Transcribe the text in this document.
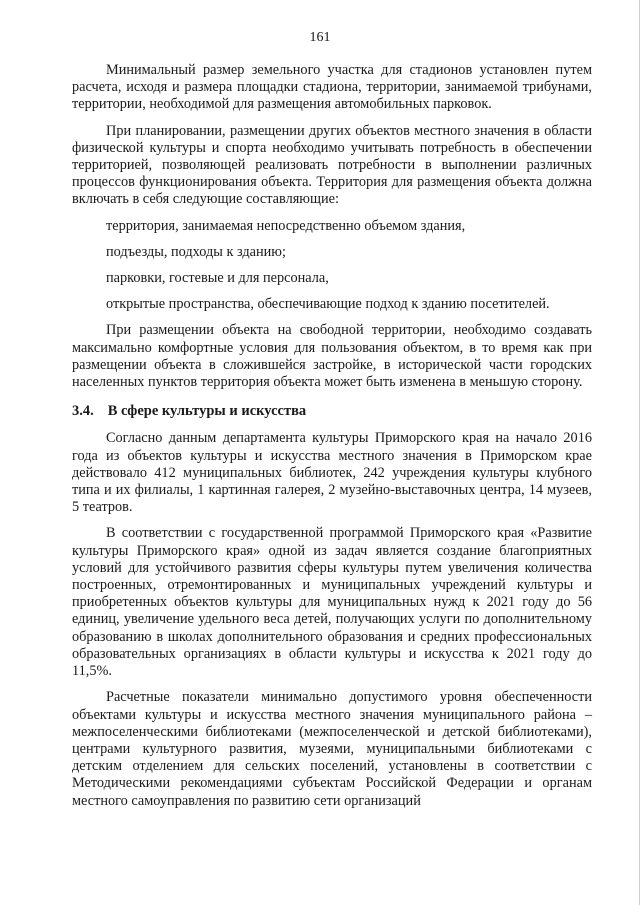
161

Минимальный размер земельного участка для стадионов установлен путем расчета, исходя и размера площадки стадиона, территории, занимаемой трибунами, территории, необходимой для размещения автомобильных парковок.

При планировании, размещении других объектов местного значения в области физической культуры и спорта необходимо учитывать потребность в обеспечении территорией, позволяющей реализовать потребности в выполнении различных процессов функционирования объекта. Территория для размещения объекта должна включать в себя следующие составляющие:

территория, занимаемая непосредственно объемом здания,

подъезды, подходы к зданию;

парковки, гостевые и для персонала,

открытые пространства, обеспечивающие подход к зданию посетителей.

При размещении объекта на свободной территории, необходимо создавать максимально комфортные условия для пользования объектом, в то время как при размещении объекта в сложившейся застройке, в исторической части городских населенных пунктов территория объекта может быть изменена в меньшую сторону.

3.4. В сфере культуры и искусства

Согласно данным департамента культуры Приморского края на начало 2016 года из объектов культуры и искусства местного значения в Приморском крае действовало 412 муниципальных библиотек, 242 учреждения культуры клубного типа и их филиалы, 1 картинная галерея, 2 музейно-выставочных центра, 14 музеев, 5 театров.

В соответствии с государственной программой Приморского края «Развитие культуры Приморского края» одной из задач является создание благоприятных условий для устойчивого развития сферы культуры путем увеличения количества построенных, отремонтированных и муниципальных учреждений культуры и приобретенных объектов культуры для муниципальных нужд к 2021 году до 56 единиц, увеличение удельного веса детей, получающих услуги по дополнительному образованию в школах дополнительного образования и средних профессиональных образовательных организациях в области культуры и искусства к 2021 году до 11,5%.

Расчетные показатели минимально допустимого уровня обеспеченности объектами культуры и искусства местного значения муниципального района – межпоселенческими библиотеками (межпоселенческой и детской библиотеками), центрами культурного развития, музеями, муниципальными библиотеками с детским отделением для сельских поселений, установлены в соответствии с Методическими рекомендациями субъектам Российской Федерации и органам местного самоуправления по развитию сети организаций
